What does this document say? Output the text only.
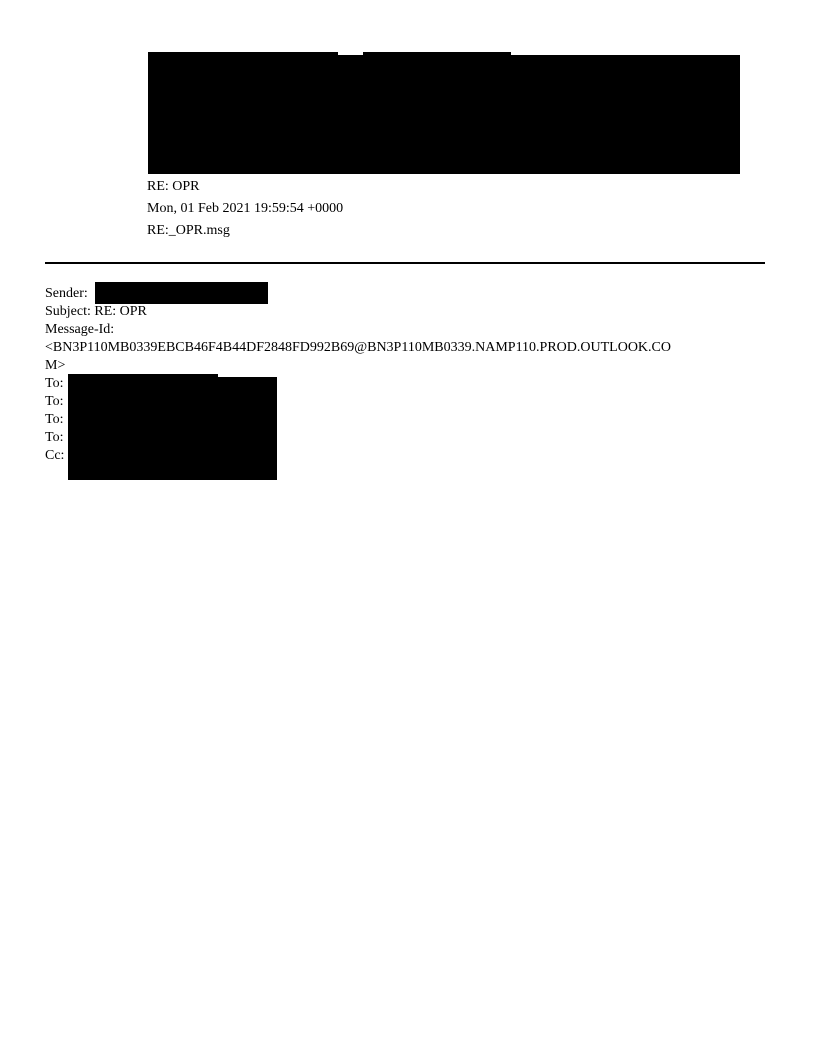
RE: OPR
Mon, 01 Feb 2021 19:59:54 +0000
RE:_OPR.msg
Sender:
Subject: RE: OPR
Message-Id:
<BN3P110MB0339EBCB46F4B44DF2848FD992B69@BN3P110MB0339.NAMP110.PROD.OUTLOOK.CO
M>
To:
To:
To:
To:
Cc:
